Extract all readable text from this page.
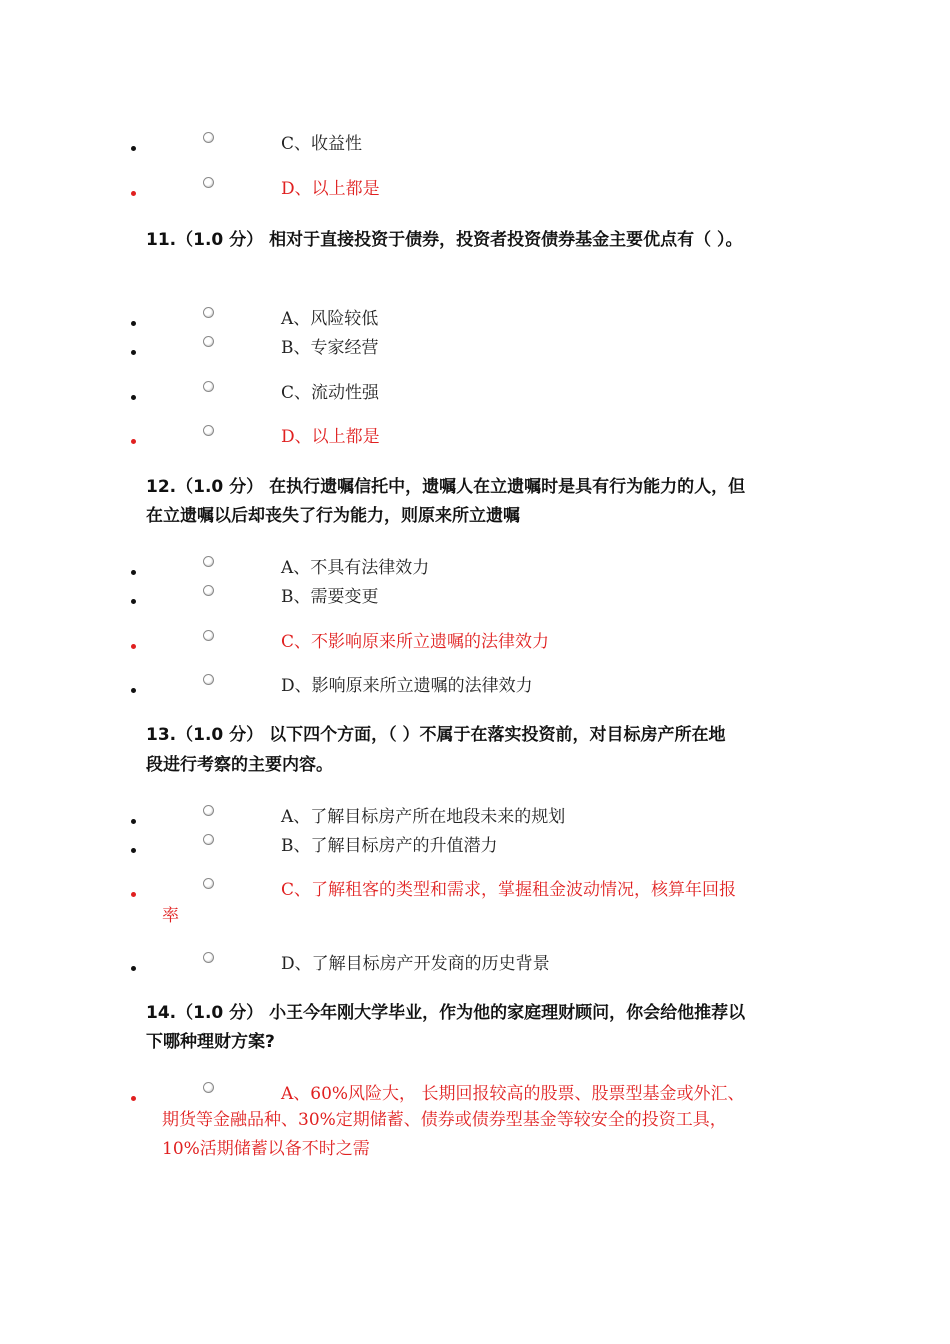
C、收益性
D、以上都是
11.（1.0 分） 相对于直接投资于债券，投资者投资债券基金主要优点有（ ）。
A、风险较低
B、专家经营
C、流动性强
D、以上都是
12.（1.0 分） 在执行遗嘱信托中，遗嘱人在立遗嘱时是具有行为能力的人，但
在立遗嘱以后却丧失了行为能力，则原来所立遗嘱
A、不具有法律效力
B、需要变更
C、不影响原来所立遗嘱的法律效力
D、影响原来所立遗嘱的法律效力
13.（1.0 分） 以下四个方面，（ ）不属于在落实投资前，对目标房产所在地
段进行考察的主要内容。
A、了解目标房产所在地段未来的规划
B、了解目标房产的升值潜力
C、了解租客的类型和需求，掌握租金波动情况，核算年回报
率
D、了解目标房产开发商的历史背景
14.（1.0 分） 小王今年刚大学毕业，作为他的家庭理财顾问，你会给他推荐以
下哪种理财方案?
A、60%风险大， 长期回报较高的股票、股票型基金或外汇、
期货等金融品种、30%定期储蓄、债券或债券型基金等较安全的投资工具，
10%活期储蓄以备不时之需
